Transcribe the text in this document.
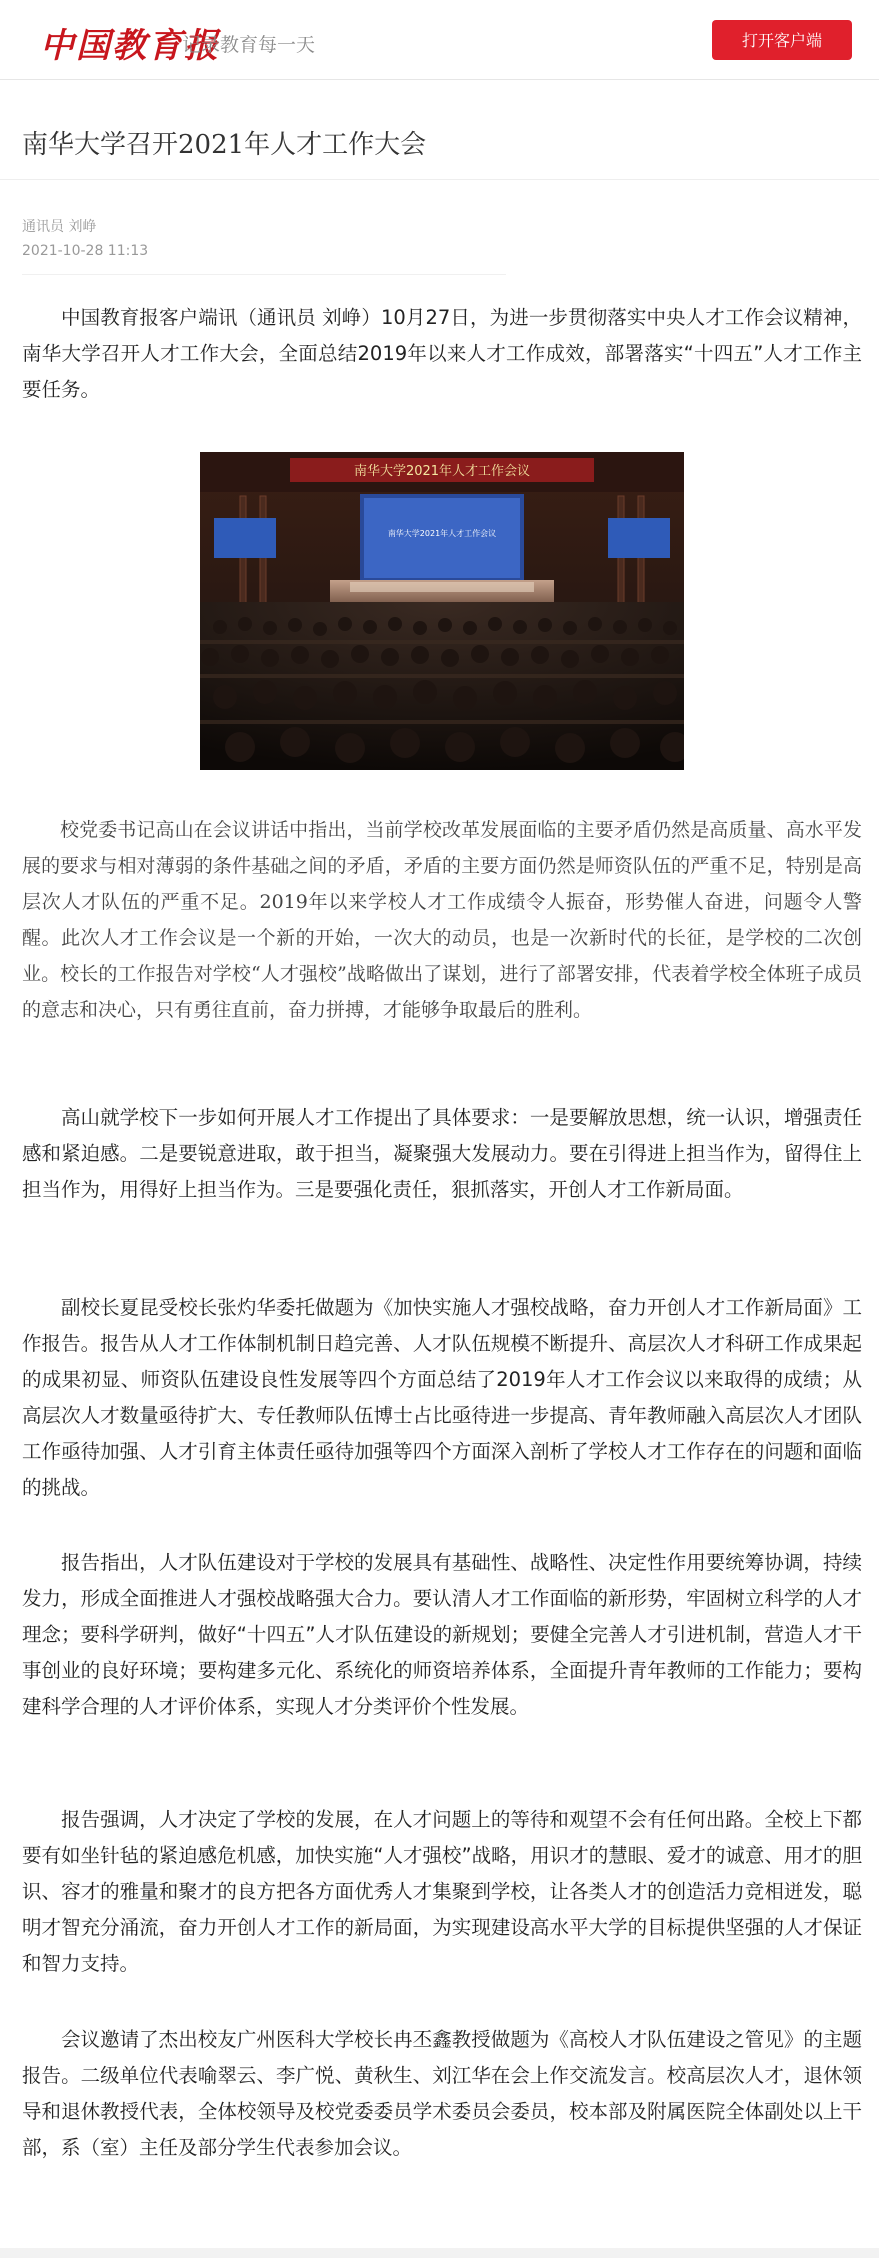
中国教育报
记录教育每一天	打开客户端
南华大学召开2021年人才工作大会
通讯员 刘峥
2021-10-28 11:13

中国教育报客户端讯（通讯员 刘峥）10月27日，为进一步贯彻落实中央人才工作会议精神，南华大学召开人才工作大会，全面总结2019年以来人才工作成效，部署落实“十四五”人才工作主要任务。

南华大学2021年人才工作会议
南华大学2021年人才工作会议

校党委书记高山在会议讲话中指出，当前学校改革发展面临的主要矛盾仍然是高质量、高水平发展的要求与相对薄弱的条件基础之间的矛盾，矛盾的主要方面仍然是师资队伍的严重不足，特别是高层次人才队伍的严重不足。2019年以来学校人才工作成绩令人振奋，形势催人奋进，问题令人警醒。此次人才工作会议是一个新的开始，一次大的动员，也是一次新时代的长征，是学校的二次创业。校长的工作报告对学校“人才强校”战略做出了谋划，进行了部署安排，代表着学校全体班子成员的意志和决心，只有勇往直前，奋力拼搏，才能够争取最后的胜利。

高山就学校下一步如何开展人才工作提出了具体要求：一是要解放思想，统一认识，增强责任感和紧迫感。二是要锐意进取，敢于担当，凝聚强大发展动力。要在引得进上担当作为，留得住上担当作为，用得好上担当作为。三是要强化责任，狠抓落实，开创人才工作新局面。

副校长夏昆受校长张灼华委托做题为《加快实施人才强校战略，奋力开创人才工作新局面》工作报告。报告从人才工作体制机制日趋完善、人才队伍规模不断提升、高层次人才科研工作成果起的成果初显、师资队伍建设良性发展等四个方面总结了2019年人才工作会议以来取得的成绩；从高层次人才数量亟待扩大、专任教师队伍博士占比亟待进一步提高、青年教师融入高层次人才团队工作亟待加强、人才引育主体责任亟待加强等四个方面深入剖析了学校人才工作存在的问题和面临的挑战。

报告指出，人才队伍建设对于学校的发展具有基础性、战略性、决定性作用要统筹协调，持续发力，形成全面推进人才强校战略强大合力。要认清人才工作面临的新形势，牢固树立科学的人才理念；要科学研判，做好“十四五”人才队伍建设的新规划；要健全完善人才引进机制，营造人才干事创业的良好环境；要构建多元化、系统化的师资培养体系，全面提升青年教师的工作能力；要构建科学合理的人才评价体系，实现人才分类评价个性发展。

报告强调，人才决定了学校的发展，在人才问题上的等待和观望不会有任何出路。全校上下都要有如坐针毡的紧迫感危机感，加快实施“人才强校”战略，用识才的慧眼、爱才的诚意、用才的胆识、容才的雅量和聚才的良方把各方面优秀人才集聚到学校，让各类人才的创造活力竞相迸发，聪明才智充分涌流，奋力开创人才工作的新局面，为实现建设高水平大学的目标提供坚强的人才保证和智力支持。

会议邀请了杰出校友广州医科大学校长冉丕鑫教授做题为《高校人才队伍建设之管见》的主题报告。二级单位代表喻翠云、李广悦、黄秋生、刘江华在会上作交流发言。校高层次人才，退休领导和退休教授代表，全体校领导及校党委委员学术委员会委员，校本部及附属医院全体副处以上干部，系（室）主任及部分学生代表参加会议。
